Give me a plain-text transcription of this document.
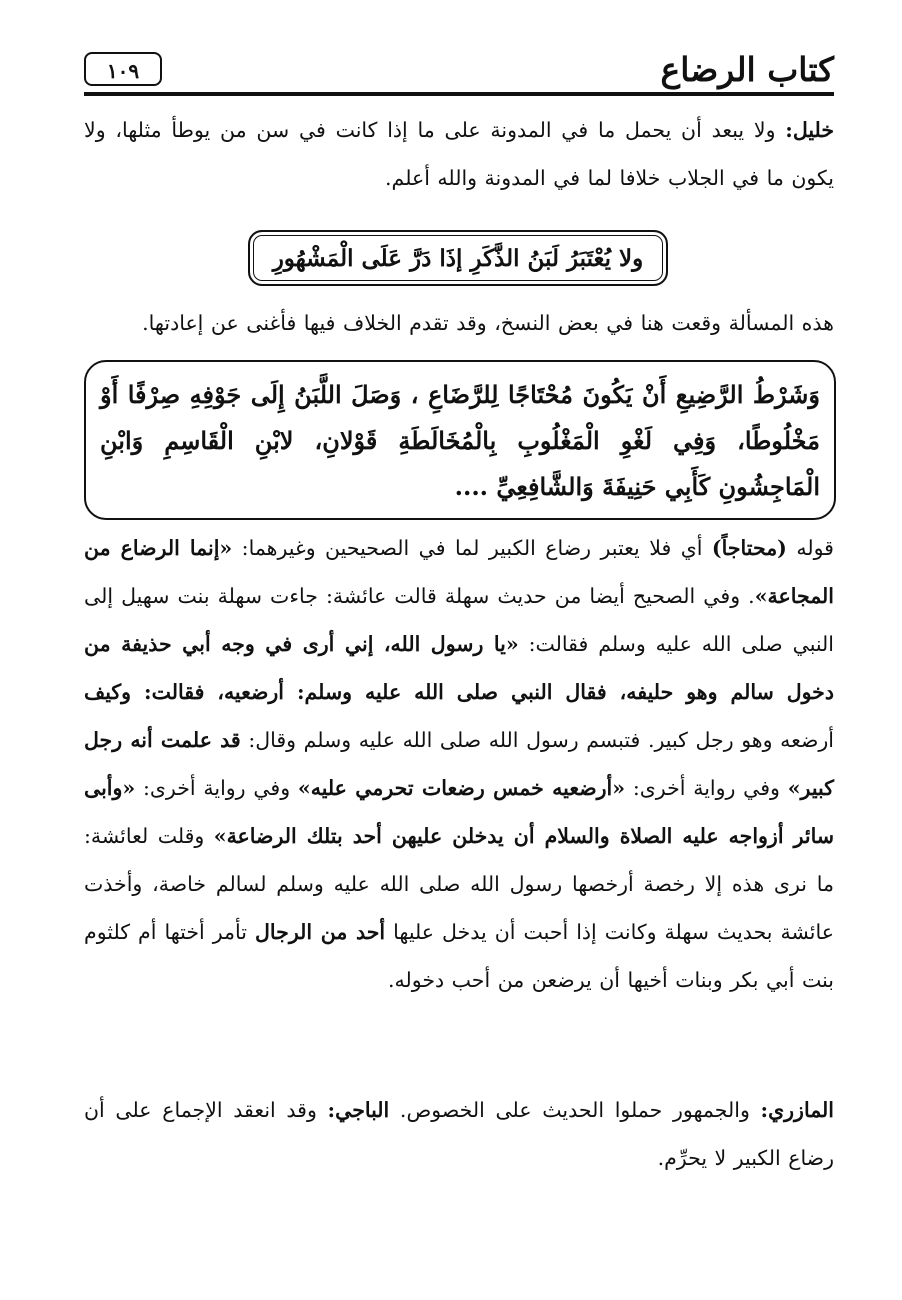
كتاب الرضاع
١٠٩
خليل: ولا يبعد أن يحمل ما في المدونة على ما إذا كانت في سن من يوطأ مثلها، ولا يكون ما في الجلاب خلافا لما في المدونة والله أعلم.
ولا يُعْتَبَرُ لَبَنُ الذَّكَرِ إذَا دَرَّ عَلَى الْمَشْهُورِ
هذه المسألة وقعت هنا في بعض النسخ، وقد تقدم الخلاف فيها فأغنى عن إعادتها.
وَشَرْطُ الرَّضِيعِ أَنْ يَكُونَ مُحْتَاجًا لِلرَّضَاعِ ، وَصَلَ اللَّبَنُ إِلَى جَوْفِهِ صِرْفًا أَوْ مَخْلُوطًا، وَفِي لَغْوِ الْمَغْلُوبِ بِالْمُخَالَطَةِ قَوْلانِ، لابْنِ الْقَاسِمِ وَابْنِ الْمَاجِشُونِ كَأَبِي حَنِيفَةَ وَالشَّافِعِيِّ ....
قوله (محتاجاً) أي فلا يعتبر رضاع الكبير لما في الصحيحين وغيرهما: «إنما الرضاع من المجاعة». وفي الصحيح أيضا من حديث سهلة قالت عائشة: جاءت سهلة بنت سهيل إلى النبي صلى الله عليه وسلم فقالت: «يا رسول الله، إني أرى في وجه أبي حذيفة من دخول سالم وهو حليفه، فقال النبي صلى الله عليه وسلم: أرضعيه، فقالت: وكيف أرضعه وهو رجل كبير. فتبسم رسول الله صلى الله عليه وسلم وقال: قد علمت أنه رجل كبير» وفي رواية أخرى: «أرضعيه خمس رضعات تحرمي عليه» وفي رواية أخرى: «وأبى سائر أزواجه عليه الصلاة والسلام أن يدخلن عليهن أحد بتلك الرضاعة» وقلت لعائشة: ما نرى هذه إلا رخصة أرخصها رسول الله صلى الله عليه وسلم لسالم خاصة، وأخذت عائشة بحديث سهلة وكانت إذا أحبت أن يدخل عليها أحد من الرجال تأمر أختها أم كلثوم بنت أبي بكر وبنات أخيها أن يرضعن من أحب دخوله.
المازري: والجمهور حملوا الحديث على الخصوص. الباجي: وقد انعقد الإجماع على أن رضاع الكبير لا يحرِّم.
